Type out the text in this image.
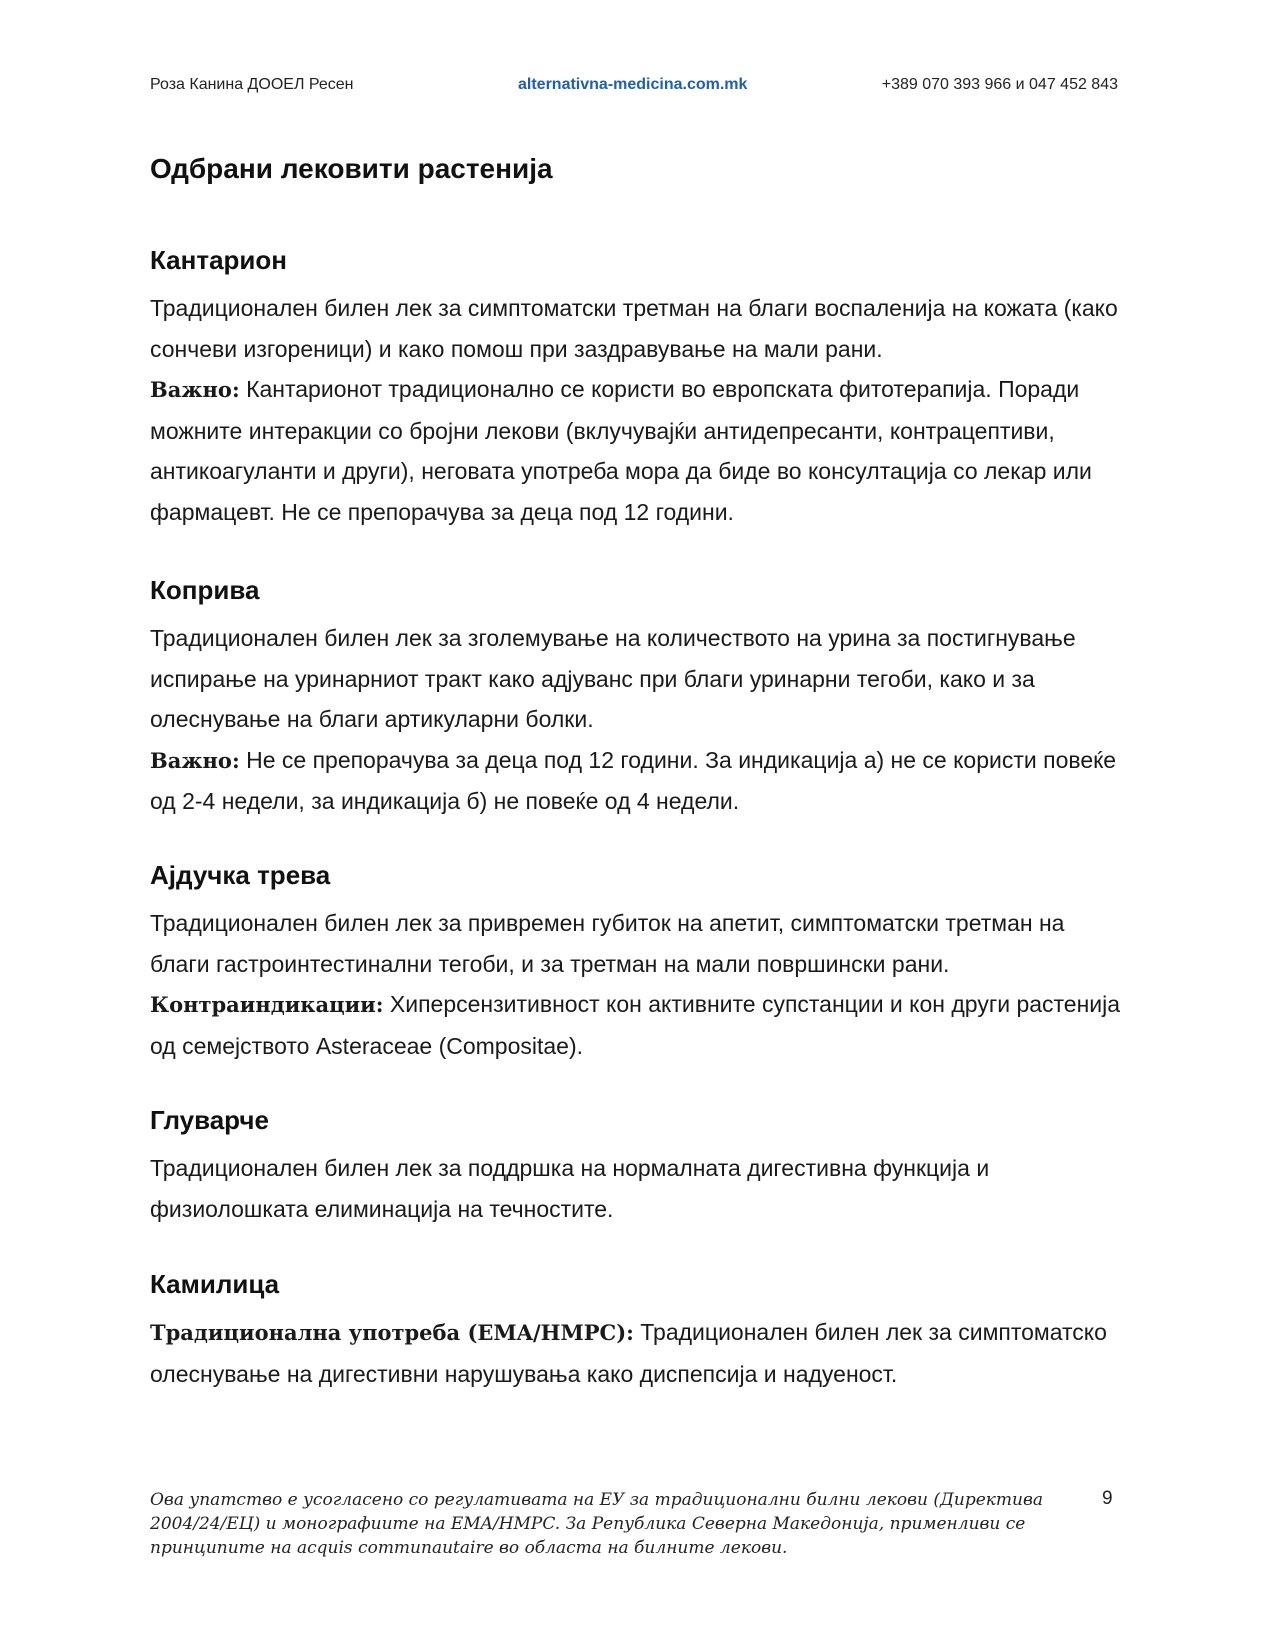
Роза Канина ДООЕЛ Ресен	alternativna-medicina.com.mk	+389 070 393 966 и 047 452 843
Одбрани лековити растенија
Кантарион

Традиционален билен лек за симптоматски третман на благи воспаленија на кожата (како сончеви изгореници) и како помош при заздравување на мали рани.
Важно: Кантарионот традиционално се користи во европската фитотерапија. Поради можните интеракции со бројни лекови (вклучувајќи антидепресанти, контрацептиви, антикоагуланти и други), неговата употреба мора да биде во консултација со лекар или фармацевт. Не се препорачува за деца под 12 години.

Коприва

Традиционален билен лек за зголемување на количеството на урина за постигнување испирање на уринарниот тракт како адјуванс при благи уринарни тегоби, како и за олеснување на благи артикуларни болки.
Важно: Не се препорачува за деца под 12 години. За индикација а) не се користи повеќе од 2-4 недели, за индикација б) не повеќе од 4 недели.

Ајдучка трева

Традиционален билен лек за привремен губиток на апетит, симптоматски третман на благи гастроинтестинални тегоби, и за третман на мали површински рани.
Контраиндикации: Хиперсензитивност кон активните супстанции и кон други растенија од семејството Asteraceae (Compositae).

Глуварче

Традиционален билен лек за поддршка на нормалната дигестивна функција и физиолошката елиминација на течностите.

Камилица

Традиционална употреба (EMA/HMPC): Традиционален билен лек за симптоматско олеснување на дигестивни нарушувања како диспепсија и надуеност.

Ова упатство е усогласено со регулативата на ЕУ за традиционални билни лекови (Директива 2004/24/ЕЦ) и монографиите на EMA/HMPC. За Република Северна Македонија, применливи се принципите на acquis communautaire во областа на билните лекови.
9
